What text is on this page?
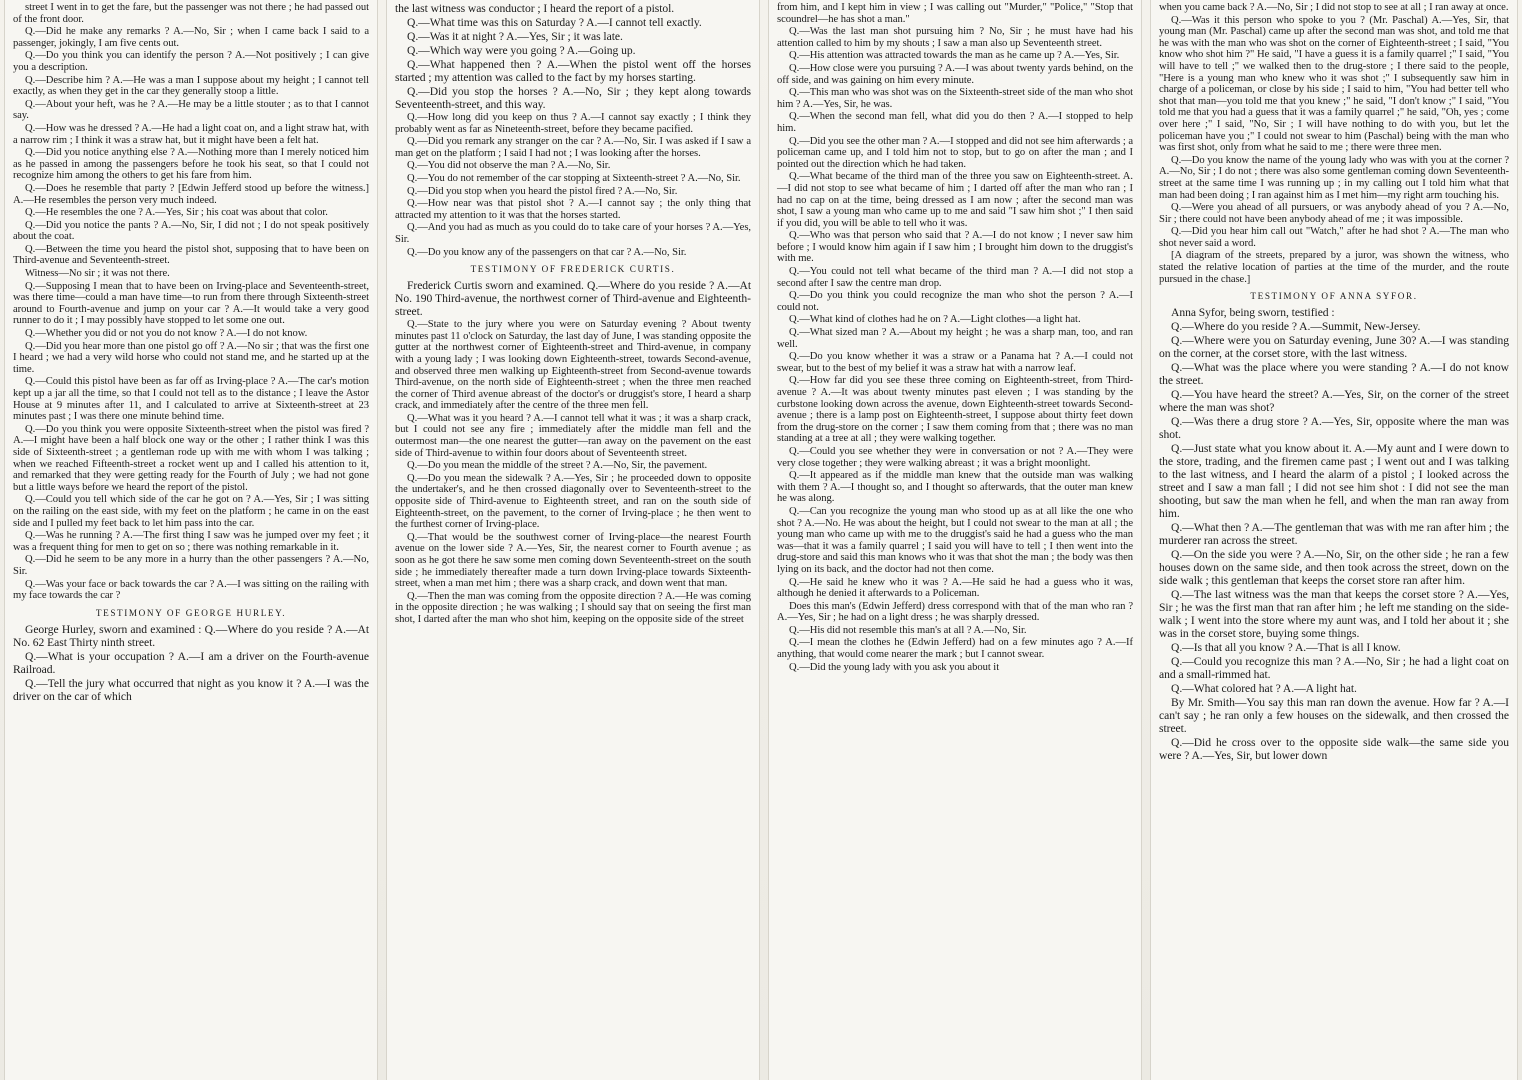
street I went in to get the fare, but the passenger was not there ; he had passed out of the front door.

Q.—Did he make any remarks ? A.—No, Sir ; when I came back I said to a passenger, jokingly, I am five cents out.

Q.—Do you think you can identify the person ? A.—Not positively ; I can give you a description.

Q.—Describe him ? A.—He was a man I suppose about my height ; I cannot tell exactly, as when they get in the car they generally stoop a little.

Q.—About your heft, was he ? A.—He may be a little stouter ; as to that I cannot say.

Q.—How was he dressed ? A.—He had a light coat on, and a light straw hat, with a narrow rim ; I think it was a straw hat, but it might have been a felt hat.

Q.—Did you notice anything else ? A.—Nothing more than I merely noticed him as he passed in among the passengers before he took his seat, so that I could not recognize him among the others to get his fare from him.

Q.—Does he resemble that party ? [Edwin Jefferd stood up before the witness.] A.—He resembles the person very much indeed.

Q.—He resembles the one ? A.—Yes, Sir ; his coat was about that color.

Q.—Did you notice the pants ? A.—No, Sir, I did not ; I do not speak positively about the coat.

Q.—Between the time you heard the pistol shot, supposing that to have been on Third-avenue and Seventeenth-street.

Witness—No sir ; it was not there.

Q.—Supposing I mean that to have been on Irving-place and Seventeenth-street, was there time—could a man have time—to run from there through Sixteenth-street around to Fourth-avenue and jump on your car ? A.—It would take a very good runner to do it ; I may possibly have stopped to let some one out.

Q.—Whether you did or not you do not know ? A.—I do not know.

Q.—Did you hear more than one pistol go off ? A.—No sir ; that was the first one I heard ; we had a very wild horse who could not stand me, and he started up at the time.

Q.—Could this pistol have been as far off as Irving-place ? A.—The car's motion kept up a jar all the time, so that I could not tell as to the distance ; I leave the Astor House at 9 minutes after 11, and I calculated to arrive at Sixteenth-street at 23 minutes past ; I was there one minute behind time.

Q.—Do you think you were opposite Sixteenth-street when the pistol was fired ? A.—I might have been a half block one way or the other ; I rather think I was this side of Sixteenth-street ; a gentleman rode up with me with whom I was talking ; when we reached Fifteenth-street a rocket went up and I called his attention to it, and remarked that they were getting ready for the Fourth of July ; we had not gone but a little ways before we heard the report of the pistol.

Q.—Could you tell which side of the car he got on ? A.—Yes, Sir ; I was sitting on the railing on the east side, with my feet on the platform ; he came in on the east side and I pulled my feet back to let him pass into the car.

Q.—Was he running ? A.—The first thing I saw was he jumped over my feet ; it was a frequent thing for men to get on so ; there was nothing remarkable in it.

Q.—Did he seem to be any more in a hurry than the other passengers ? A.—No, Sir.

Q.—Was your face or back towards the car ? A.—I was sitting on the railing with my face towards the car ?

TESTIMONY OF GEORGE HURLEY.

George Hurley, sworn and examined : Q.—Where do you reside ? A.—At No. 62 East Thirty ninth street.

Q.—What is your occupation ? A.—I am a driver on the Fourth-avenue Railroad.

Q.—Tell the jury what occurred that night as you know it ? A.—I was the driver on the car of which

the last witness was conductor ; I heard the report of a pistol.

Q.—What time was this on Saturday ? A.—I cannot tell exactly.

Q.—Was it at night ? A.—Yes, Sir ; it was late.

Q.—Which way were you going ? A.—Going up.

Q.—What happened then ? A.—When the pistol went off the horses started ; my attention was called to the fact by my horses starting.

Q.—Did you stop the horses ? A.—No, Sir ; they kept along towards Seventeenth-street, and this way.

Q.—How long did you keep on thus ? A.—I cannot say exactly ; I think they probably went as far as Nineteenth-street, before they became pacified.

Q.—Did you remark any stranger on the car ? A.—No, Sir. I was asked if I saw a man get on the platform ; I said I had not ; I was looking after the horses.

Q.—You did not observe the man ? A.—No, Sir.

Q.—You do not remember of the car stopping at Sixteenth-street ? A.—No, Sir.

Q.—Did you stop when you heard the pistol fired ? A.—No, Sir.

Q.—How near was that pistol shot ? A.—I cannot say ; the only thing that attracted my attention to it was that the horses started.

Q.—And you had as much as you could do to take care of your horses ? A.—Yes, Sir.

Q.—Do you know any of the passengers on that car ? A.—No, Sir.

TESTIMONY OF FREDERICK CURTIS.

Frederick Curtis sworn and examined. Q.—Where do you reside ? A.—At No. 190 Third-avenue, the northwest corner of Third-avenue and Eighteenth-street.

Q.—State to the jury where you were on Saturday evening ? About twenty minutes past 11 o'clock on Saturday, the last day of June, I was standing opposite the gutter at the northwest corner of Eighteenth-street and Third-avenue, in company with a young lady ; I was looking down Eighteenth-street, towards Second-avenue, and observed three men walking up Eighteenth-street from Second-avenue towards Third-avenue, on the north side of Eighteenth-street ; when the three men reached the corner of Third avenue abreast of the doctor's or druggist's store, I heard a sharp crack, and immediately after the centre of the three men fell.

Q.—What was it you heard ? A.—I cannot tell what it was ; it was a sharp crack, but I could not see any fire ; immediately after the middle man fell and the outermost man—the one nearest the gutter—ran away on the pavement on the east side of Third-avenue to within four doors about of Seventeenth street.

Q.—Do you mean the middle of the street ? A.—No, Sir, the pavement.

Q.—Do you mean the sidewalk ? A.—Yes, Sir ; he proceeded down to opposite the undertaker's, and he then crossed diagonally over to Seventeenth-street to the opposite side of Third-avenue to Eighteenth street, and ran on the south side of Eighteenth-street, on the pavement, to the corner of Irving-place ; he then went to the furthest corner of Irving-place.

Q.—That would be the southwest corner of Irving-place—the nearest Fourth avenue on the lower side ? A.—Yes, Sir, the nearest corner to Fourth avenue ; as soon as he got there he saw some men coming down Seventeenth-street on the south side ; he immediately thereafter made a turn down Irving-place towards Sixteenth-street, when a man met him ; there was a sharp crack, and down went that man.

Q.—Then the man was coming from the opposite direction ? A.—He was coming in the opposite direction ; he was walking ; I should say that on seeing the first man shot, I darted after the man who shot him, keeping on the opposite side of the street

from him, and I kept him in view ; I was calling out "Murder," "Police," "Stop that scoundrel—he has shot a man."

Q.—Was the last man shot pursuing him ? No, Sir ; he must have had his attention called to him by my shouts ; I saw a man also up Seventeenth street.

Q.—His attention was attracted towards the man as he came up ? A.—Yes, Sir.

Q.—How close were you pursuing ? A.—I was about twenty yards behind, on the off side, and was gaining on him every minute.

Q.—This man who was shot was on the Sixteenth-street side of the man who shot him ? A.—Yes, Sir, he was.

Q.—When the second man fell, what did you do then ? A.—I stopped to help him.

Q.—Did you see the other man ? A.—I stopped and did not see him afterwards ; a policeman came up, and I told him not to stop, but to go on after the man ; and I pointed out the direction which he had taken.

Q.—What became of the third man of the three you saw on Eighteenth-street. A.—I did not stop to see what became of him ; I darted off after the man who ran ; I had no cap on at the time, being dressed as I am now ; after the second man was shot, I saw a young man who came up to me and said "I saw him shot ;" I then said if you did, you will be able to tell who it was.

Q.—Who was that person who said that ? A.—I do not know ; I never saw him before ; I would know him again if I saw him ; I brought him down to the druggist's with me.

Q.—You could not tell what became of the third man ? A.—I did not stop a second after I saw the centre man drop.

Q.—Do you think you could recognize the man who shot the person ? A.—I could not.

Q.—What kind of clothes had he on ? A.—Light clothes—a light hat.

Q.—What sized man ? A.—About my height ; he was a sharp man, too, and ran well.

Q.—Do you know whether it was a straw or a Panama hat ? A.—I could not swear, but to the best of my belief it was a straw hat with a narrow leaf.

Q.—How far did you see these three coming on Eighteenth-street, from Third-avenue ? A.—It was about twenty minutes past eleven ; I was standing by the curbstone looking down across the avenue, down Eighteenth-street towards Second-avenue ; there is a lamp post on Eighteenth-street, I suppose about thirty feet down from the drug-store on the corner ; I saw them coming from that ; there was no man standing at a tree at all ; they were walking together.

Q.—Could you see whether they were in conversation or not ? A.—They were very close together ; they were walking abreast ; it was a bright moonlight.

Q.—It appeared as if the middle man knew that the outside man was walking with them ? A.—I thought so, and I thought so afterwards, that the outer man knew he was along.

Q.—Can you recognize the young man who stood up as at all like the one who shot ? A.—No. He was about the height, but I could not swear to the man at all ; the young man who came up with me to the druggist's said he had a guess who the man was—that it was a family quarrel ; I said you will have to tell ; I then went into the drug-store and said this man knows who it was that shot the man ; the body was then lying on its back, and the doctor had not then come.

Q.—He said he knew who it was ? A.—He said he had a guess who it was, although he denied it afterwards to a Policeman.

Does this man's (Edwin Jefferd) dress correspond with that of the man who ran ? A.—Yes, Sir ; he had on a light dress ; he was sharply dressed.

Q.—His did not resemble this man's at all ? A.—No, Sir.

Q.—I mean the clothes he (Edwin Jefferd) had on a few minutes ago ? A.—If anything, that would come nearer the mark ; but I cannot swear.

Q.—Did the young lady with you ask you about it

when you came back ? A.—No, Sir ; I did not stop to see at all ; I ran away at once.

Q.—Was it this person who spoke to you ? (Mr. Paschal) A.—Yes, Sir, that young man (Mr. Paschal) came up after the second man was shot, and told me that he was with the man who was shot on the corner of Eighteenth-street ; I said, "You know who shot him ?" He said, "I have a guess it is a family quarrel ;" I said, "You will have to tell ;" we walked then to the drug-store ; I there said to the people, "Here is a young man who knew who it was shot ;" I subsequently saw him in charge of a policeman, or close by his side ; I said to him, "You had better tell who shot that man—you told me that you knew ;" he said, "I don't know ;" I said, "You told me that you had a guess that it was a family quarrel ;" he said, "Oh, yes ; come over here ;" I said, "No, Sir ; I will have nothing to do with you, but let the policeman have you ;" I could not swear to him (Paschal) being with the man who was first shot, only from what he said to me ; there were three men.

Q.—Do you know the name of the young lady who was with you at the corner ? A.—No, Sir ; I do not ; there was also some gentleman coming down Seventeenth-street at the same time I was running up ; in my calling out I told him what that man had been doing ; I ran against him as I met him—my right arm touching his.

Q.—Were you ahead of all pursuers, or was anybody ahead of you ? A.—No, Sir ; there could not have been anybody ahead of me ; it was impossible.

Q.—Did you hear him call out "Watch," after he had shot ? A.—The man who shot never said a word.

[A diagram of the streets, prepared by a juror, was shown the witness, who stated the relative location of parties at the time of the murder, and the route pursued in the chase.]

TESTIMONY OF ANNA SYFOR.

Anna Syfor, being sworn, testified :

Q.—Where do you reside ? A.—Summit, New-Jersey.

Q.—Where were you on Saturday evening, June 30? A.—I was standing on the corner, at the corset store, with the last witness.

Q.—What was the place where you were standing ? A.—I do not know the street.

Q.—You have heard the street? A.—Yes, Sir, on the corner of the street where the man was shot?

Q.—Was there a drug store ? A.—Yes, Sir, opposite where the man was shot.

Q.—Just state what you know about it. A.—My aunt and I were down to the store, trading, and the firemen came past ; I went out and I was talking to the last witness, and I heard the alarm of a pistol ; I looked across the street and I saw a man fall ; I did not see him shot : I did not see the man shooting, but saw the man when he fell, and when the man ran away from him.

Q.—What then ? A.—The gentleman that was with me ran after him ; the murderer ran across the street.

Q.—On the side you were ? A.—No, Sir, on the other side ; he ran a few houses down on the same side, and then took across the street, down on the side walk ; this gentleman that keeps the corset store ran after him.

Q.—The last witness was the man that keeps the corset store ? A.—Yes, Sir ; he was the first man that ran after him ; he left me standing on the side-walk ; I went into the store where my aunt was, and I told her about it ; she was in the corset store, buying some things.

Q.—Is that all you know ? A.—That is all I know.

Q.—Could you recognize this man ? A.—No, Sir ; he had a light coat on and a small-rimmed hat.

Q.—What colored hat ? A.—A light hat.

By Mr. Smith—You say this man ran down the avenue. How far ? A.—I can't say ; he ran only a few houses on the sidewalk, and then crossed the street.

Q.—Did he cross over to the opposite side walk—the same side you were ? A.—Yes, Sir, but lower down
